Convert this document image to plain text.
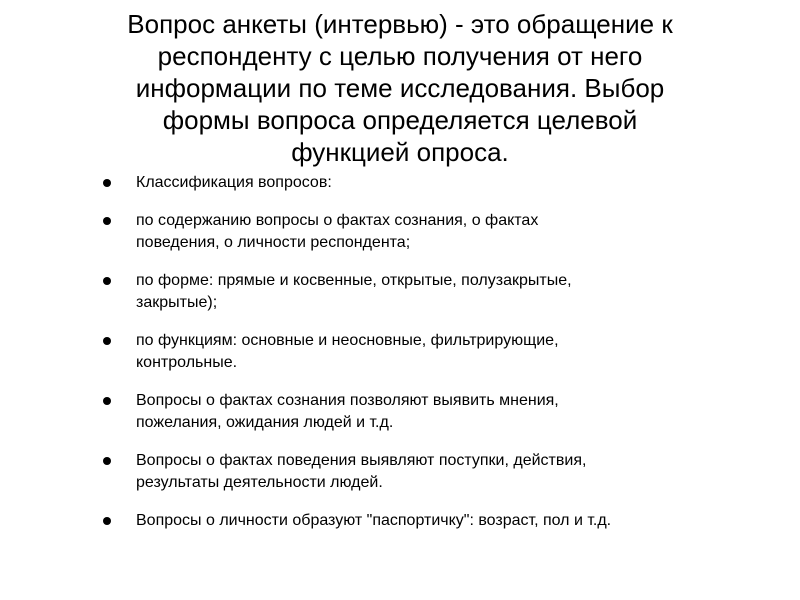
Вопрос анкеты (интервью) - это обращение к
респонденту с целью получения от него
информации по теме исследования. Выбор
формы вопроса определяется целевой
функцией опроса.
Классификация вопросов:
по содержанию вопросы о фактах сознания, о фактах
поведения, о личности респондента;
по форме: прямые и косвенные, открытые, полузакрытые,
закрытые);
по функциям: основные и неосновные, фильтрирующие,
контрольные.
Вопросы о фактах сознания позволяют выявить мнения,
пожелания, ожидания людей и т.д.
Вопросы о фактах поведения выявляют поступки, действия,
результаты деятельности людей.
Вопросы о личности образуют "паспортичку": возраст, пол и т.д.
